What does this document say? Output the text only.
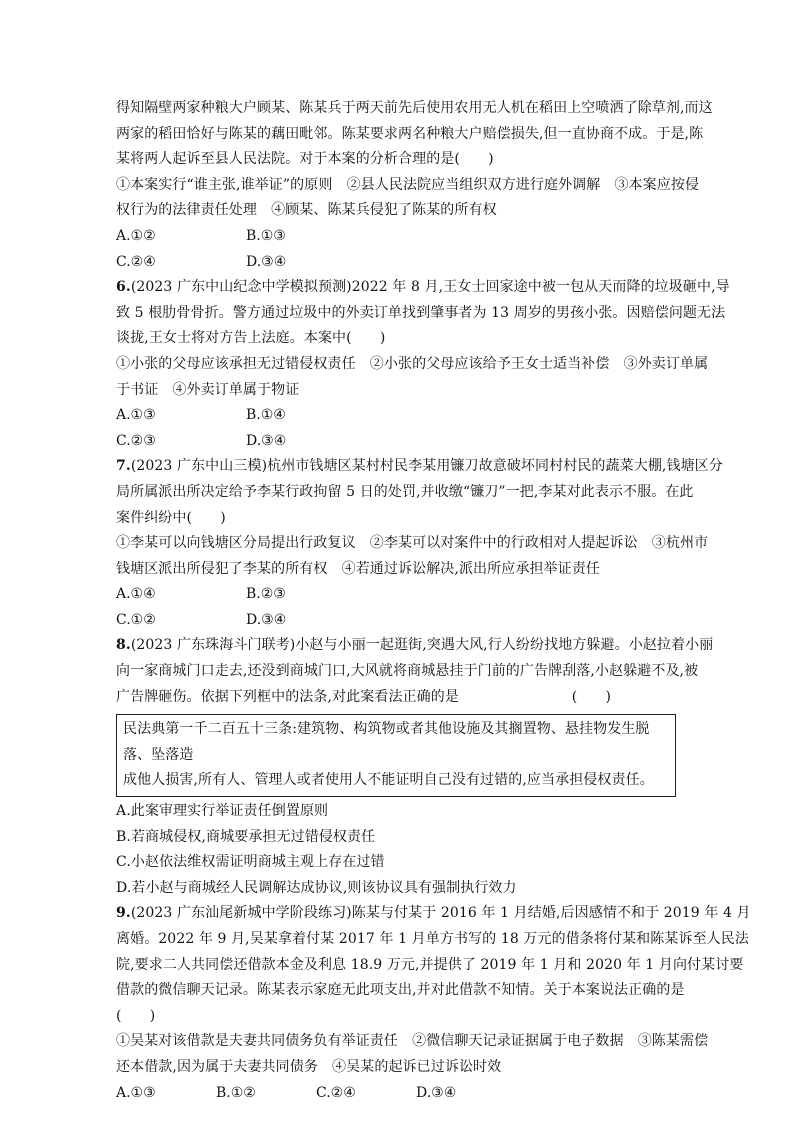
得知隔壁两家种粮大户顾某、陈某兵于两天前先后使用农用无人机在稻田上空喷洒了除草剂,而这
两家的稻田恰好与陈某的藕田毗邻。陈某要求两名种粮大户赔偿损失,但一直协商不成。于是,陈
某将两人起诉至县人民法院。对于本案的分析合理的是(　　)
①本案实行“谁主张,谁举证”的原则　②县人民法院应当组织双方进行庭外调解　③本案应按侵
权行为的法律责任处理　④顾某、陈某兵侵犯了陈某的所有权
A.①②	B.①③
C.②④	D.③④
6.(2023 广东中山纪念中学模拟预测)2022 年 8 月,王女士回家途中被一包从天而降的垃圾砸中,导
致 5 根肋骨骨折。警方通过垃圾中的外卖订单找到肇事者为 13 周岁的男孩小张。因赔偿问题无法
谈拢,王女士将对方告上法庭。本案中(　　)
①小张的父母应该承担无过错侵权责任　②小张的父母应该给予王女士适当补偿　③外卖订单属
于书证　④外卖订单属于物证
A.①③	B.①④
C.②③	D.③④
7.(2023 广东中山三模)杭州市钱塘区某村村民李某用镰刀故意破坏同村村民的蔬菜大棚,钱塘区分
局所属派出所决定给予李某行政拘留 5 日的处罚,并收缴“镰刀”一把,李某对此表示不服。在此
案件纠纷中(　　)
①李某可以向钱塘区分局提出行政复议　②李某可以对案件中的行政相对人提起诉讼　③杭州市
钱塘区派出所侵犯了李某的所有权　④若通过诉讼解决,派出所应承担举证责任
A.①④	B.②③
C.①②	D.③④
8.(2023 广东珠海斗门联考)小赵与小丽一起逛街,突遇大风,行人纷纷找地方躲避。小赵拉着小丽
向一家商城门口走去,还没到商城门口,大风就将商城悬挂于门前的广告牌刮落,小赵躲避不及,被
广告牌砸伤。依据下列框中的法条,对此案看法正确的是　　　　　　　　(　　)
民法典第一千二百五十三条:建筑物、构筑物或者其他设施及其搁置物、悬挂物发生脱落、坠落造
成他人损害,所有人、管理人或者使用人不能证明自己没有过错的,应当承担侵权责任。
A.此案审理实行举证责任倒置原则
B.若商城侵权,商城要承担无过错侵权责任
C.小赵依法维权需证明商城主观上存在过错
D.若小赵与商城经人民调解达成协议,则该协议具有强制执行效力
9.(2023 广东汕尾新城中学阶段练习)陈某与付某于 2016 年 1 月结婚,后因感情不和于 2019 年 4 月
离婚。2022 年 9 月,吴某拿着付某 2017 年 1 月单方书写的 18 万元的借条将付某和陈某诉至人民法
院,要求二人共同偿还借款本金及利息 18.9 万元,并提供了 2019 年 1 月和 2020 年 1 月向付某讨要
借款的微信聊天记录。陈某表示家庭无此项支出,并对此借款不知情。关于本案说法正确的是
(　　)
①吴某对该借款是夫妻共同债务负有举证责任　②微信聊天记录证据属于电子数据　③陈某需偿
还本借款,因为属于夫妻共同债务　④吴某的起诉已过诉讼时效
A.①③	B.①②	C.②④	D.③④
